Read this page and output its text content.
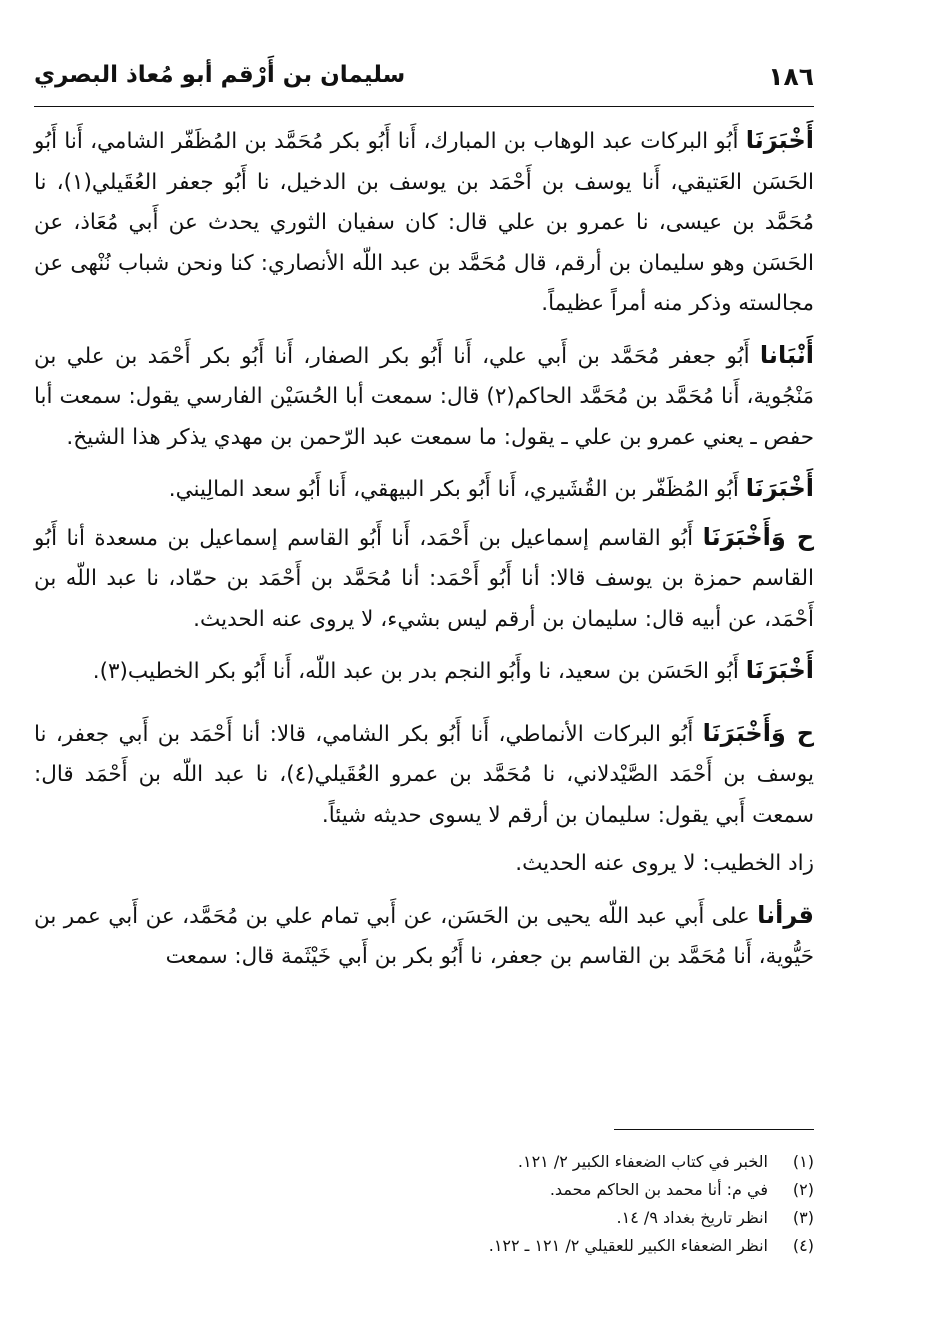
١٨٦
سليمان بن أَرْقم أبو مُعاذ البصري

أَخْبَرَنَا أَبُو البركات عبد الوهاب بن المبارك، أَنا أَبُو بكر مُحَمَّد بن المُظَفّر الشامي، أَنا أَبُو الحَسَن العَتيقي، أَنا يوسف بن أَحْمَد بن يوسف بن الدخيل، نا أَبُو جعفر العُقَيلي(١)، نا مُحَمَّد بن عيسى، نا عمرو بن علي قال: كان سفيان الثوري يحدث عن أَبي مُعَاذ، عن الحَسَن وهو سليمان بن أرقم، قال مُحَمَّد بن عبد اللّه الأنصاري: كنا ونحن شباب نُنْهى عن مجالسته وذكر منه أمراً عظيماً.

أَنْبَانا أَبُو جعفر مُحَمَّد بن أَبي علي، أَنا أَبُو بكر الصفار، أَنا أَبُو بكر أَحْمَد بن علي بن مَنْجُوية، أَنا مُحَمَّد بن مُحَمَّد الحاكم(٢) قال: سمعت أبا الحُسَيْن الفارسي يقول: سمعت أبا حفص ـ يعني عمرو بن علي ـ يقول: ما سمعت عبد الرّحمن بن مهدي يذكر هذا الشيخ.

أَخْبَرَنَا أَبُو المُظَفّر بن القُشَيري، أَنا أَبُو بكر البيهقي، أَنا أَبُو سعد المالِيني.

ح وَأَخْبَرَنَا أَبُو القاسم إسماعيل بن أَحْمَد، أَنا أَبُو القاسم إسماعيل بن مسعدة أنا أَبُو القاسم حمزة بن يوسف قالا: أنا أَبُو أَحْمَد: أنا مُحَمَّد بن أَحْمَد بن حمّاد، نا عبد اللّه بن أَحْمَد، عن أبيه قال: سليمان بن أرقم ليس بشيء، لا يروى عنه الحديث.

أَخْبَرَنَا أَبُو الحَسَن بن سعيد، نا وأَبُو النجم بدر بن عبد اللّه، أَنا أَبُو بكر الخطيب(٣).

ح وَأَخْبَرَنَا أَبُو البركات الأنماطي، أَنا أَبُو بكر الشامي، قالا: أنا أَحْمَد بن أَبي جعفر، نا يوسف بن أَحْمَد الصَّيْدلاني، نا مُحَمَّد بن عمرو العُقَيلي(٤)، نا عبد اللّه بن أَحْمَد قال: سمعت أَبي يقول: سليمان بن أرقم لا يسوى حديثه شيئاً.

زاد الخطيب: لا يروى عنه الحديث.

قرأنا على أَبي عبد اللّه يحيى بن الحَسَن، عن أَبي تمام علي بن مُحَمَّد، عن أَبي عمر بن حَيُّوية، أَنا مُحَمَّد بن القاسم بن جعفر، نا أَبُو بكر بن أَبي خَيْثَمة قال: سمعت

(١)
الخبر في كتاب الضعفاء الكبير ٢/ ١٢١.
(٢)
في م: أنا محمد بن الحاكم محمد.
(٣)
انظر تاريخ بغداد ٩/ ١٤.
(٤)
انظر الضعفاء الكبير للعقيلي ٢/ ١٢١ ـ ١٢٢.
